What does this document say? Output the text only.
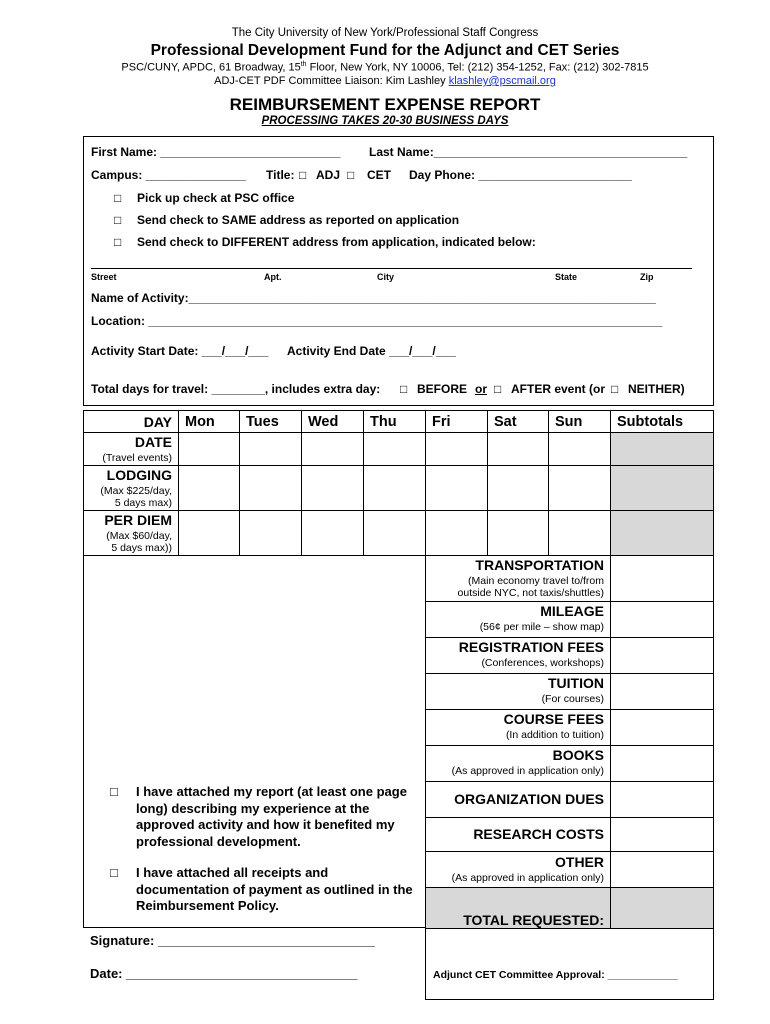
The City University of New York/Professional Staff Congress
Professional Development Fund for the Adjunct and CET Series
PSC/CUNY, APDC, 61 Broadway, 15th Floor, New York, NY 10006, Tel: (212) 354-1252, Fax: (212) 302-7815
ADJ-CET PDF Committee Liaison: Kim Lashley klashley@pscmail.org
REIMBURSEMENT EXPENSE REPORT
PROCESSING TAKES 20-30 BUSINESS DAYS
First Name: ___________________________ Last Name:______________________________________
Campus: _______________ Title: □ ADJ □ CET Day Phone: _______________________
□ Pick up check at PSC office
□ Send check to SAME address as reported on application
□ Send check to DIFFERENT address from application, indicated below:
Street	Apt.	City	State	Zip
Name of Activity:______________________________________________________________________
Location: _____________________________________________________________________________
Activity Start Date: ___/___/___ Activity End Date ___/___/___
Total days for travel: ________, includes extra day: □ BEFORE or □ AFTER event (or □ NEITHER)
DAY Mon Tues Wed Thu Fri	Sat	Sun Subtotals
DATE
(Travel events)
LODGING
(Max $225/day,
5 days max)
PER DIEM
(Max $60/day,
5 days max))
□ I have attached my report (at least one page long) describing my experience at the approved activity and how it benefited my professional development.
□ I have attached all receipts and documentation of payment as outlined in the Reimbursement Policy.
Signature: ______________________________
Date: ________________________________
TRANSPORTATION
(Main economy travel to/from
outside NYC, not taxis/shuttles)
MILEAGE
(56¢ per mile – show map)
REGISTRATION FEES
(Conferences, workshops)
TUITION
(For courses)
COURSE FEES
(In addition to tuition)
BOOKS
(As approved in application only)
ORGANIZATION DUES
RESEARCH COSTS
OTHER
(As approved in application only)
TOTAL REQUESTED:
Adjunct CET Committee Approval: ____________
